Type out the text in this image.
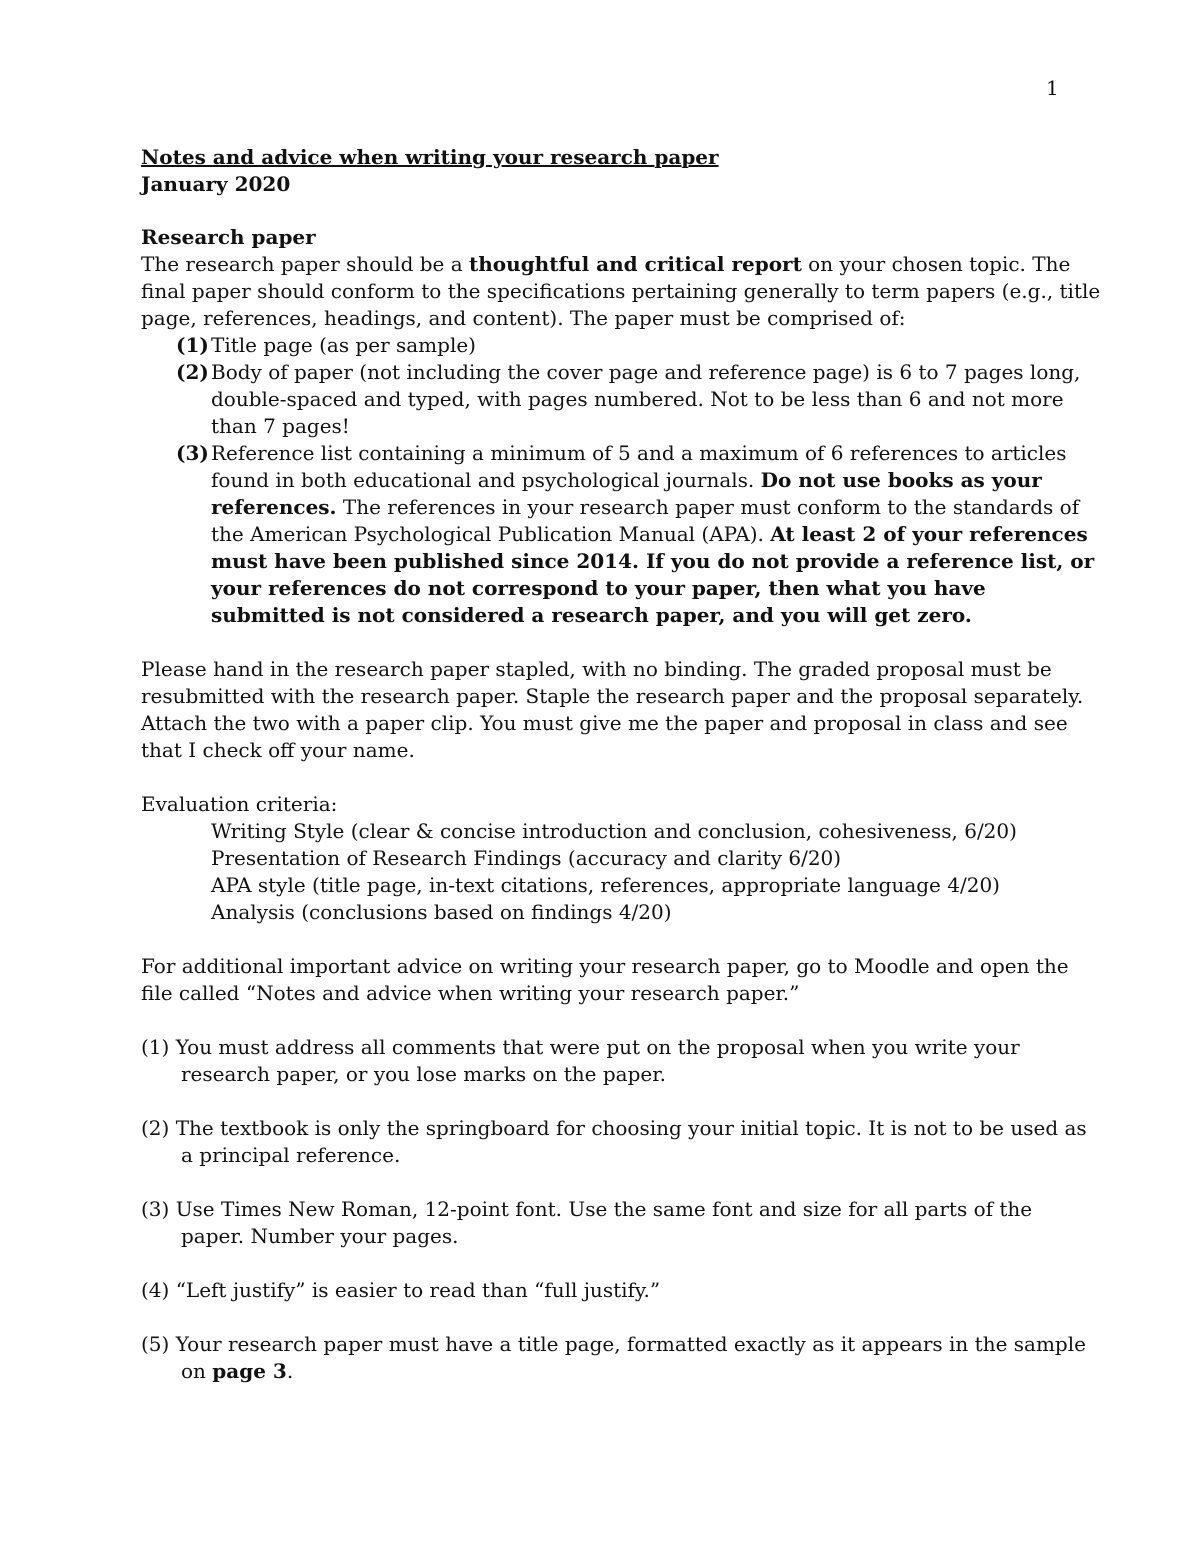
1

Notes and advice when writing your research paper

January 2020

Research paper

The research paper should be a thoughtful and critical report on your chosen topic. The final paper should conform to the specifications pertaining generally to term papers (e.g., title page, references, headings, and content). The paper must be comprised of:

(1) Title page (as per sample)
(2) Body of paper (not including the cover page and reference page) is 6 to 7 pages long, double-spaced and typed, with pages numbered. Not to be less than 6 and not more than 7 pages!
(3) Reference list containing a minimum of 5 and a maximum of 6 references to articles found in both educational and psychological journals. Do not use books as your references. The references in your research paper must conform to the standards of the American Psychological Publication Manual (APA). At least 2 of your references must have been published since 2014. If you do not provide a reference list, or your references do not correspond to your paper, then what you have submitted is not considered a research paper, and you will get zero.

Please hand in the research paper stapled, with no binding. The graded proposal must be resubmitted with the research paper. Staple the research paper and the proposal separately. Attach the two with a paper clip. You must give me the paper and proposal in class and see that I check off your name.

Evaluation criteria:

Writing Style (clear & concise introduction and conclusion, cohesiveness, 6/20)
Presentation of Research Findings (accuracy and clarity 6/20)
APA style (title page, in-text citations, references, appropriate language 4/20)
Analysis (conclusions based on findings 4/20)

For additional important advice on writing your research paper, go to Moodle and open the file called “Notes and advice when writing your research paper.”

(1) You must address all comments that were put on the proposal when you write your research paper, or you lose marks on the paper.
(2) The textbook is only the springboard for choosing your initial topic. It is not to be used as a principal reference.
(3) Use Times New Roman, 12-point font. Use the same font and size for all parts of the paper. Number your pages.
(4) “Left justify” is easier to read than “full justify.”
(5) Your research paper must have a title page, formatted exactly as it appears in the sample on page 3.
